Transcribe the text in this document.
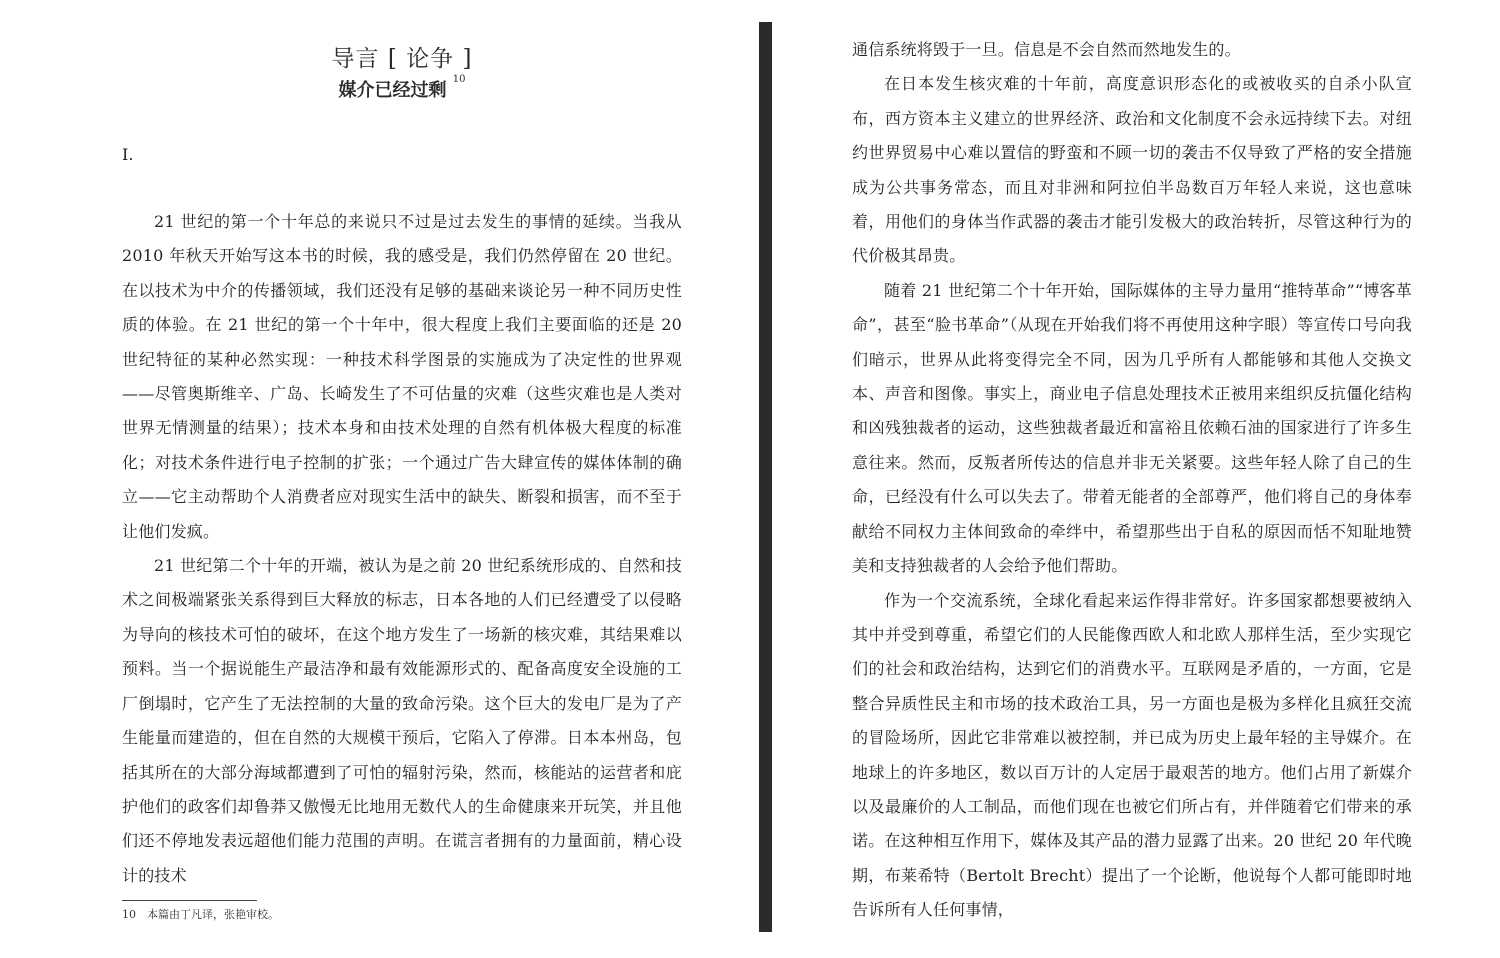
导言 [ 论争 ]
媒介已经过剩 $^{10}$
I.

21 世纪的第一个十年总的来说只不过是过去发生的事情的延续。当我从 2010 年秋天开始写这本书的时候，我的感受是，我们仍然停留在 20 世纪。在以技术为中介的传播领域，我们还没有足够的基础来谈论另一种不同历史性质的体验。在 21 世纪的第一个十年中，很大程度上我们主要面临的还是 20 世纪特征的某种必然实现：一种技术科学图景的实施成为了决定性的世界观——尽管奥斯维辛、广岛、长崎发生了不可估量的灾难（这些灾难也是人类对世界无情测量的结果）；技术本身和由技术处理的自然有机体极大程度的标准化；对技术条件进行电子控制的扩张；一个通过广告大肆宣传的媒体体制的确立——它主动帮助个人消费者应对现实生活中的缺失、断裂和损害，而不至于让他们发疯。

21 世纪第二个十年的开端，被认为是之前 20 世纪系统形成的、自然和技术之间极端紧张关系得到巨大释放的标志，日本各地的人们已经遭受了以侵略为导向的核技术可怕的破坏，在这个地方发生了一场新的核灾难，其结果难以预料。当一个据说能生产最洁净和最有效能源形式的、配备高度安全设施的工厂倒塌时，它产生了无法控制的大量的致命污染。这个巨大的发电厂是为了产生能量而建造的，但在自然的大规模干预后，它陷入了停滞。日本本州岛，包括其所在的大部分海域都遭到了可怕的辐射污染，然而，核能站的运营者和庇护他们的政客们却鲁莽又傲慢无比地用无数代人的生命健康来开玩笑，并且他们还不停地发表远超他们能力范围的声明。在谎言者拥有的力量面前，精心设计的技术

10　本篇由丁凡译，张艳审校。

通信系统将毁于一旦。信息是不会自然而然地发生的。

在日本发生核灾难的十年前，高度意识形态化的或被收买的自杀小队宣布，西方资本主义建立的世界经济、政治和文化制度不会永远持续下去。对纽约世界贸易中心难以置信的野蛮和不顾一切的袭击不仅导致了严格的安全措施成为公共事务常态，而且对非洲和阿拉伯半岛数百万年轻人来说，这也意味着，用他们的身体当作武器的袭击才能引发极大的政治转折，尽管这种行为的代价极其昂贵。

随着 21 世纪第二个十年开始，国际媒体的主导力量用“推特革命”“博客革命”，甚至“脸书革命”（从现在开始我们将不再使用这种字眼）等宣传口号向我们暗示，世界从此将变得完全不同，因为几乎所有人都能够和其他人交换文本、声音和图像。事实上，商业电子信息处理技术正被用来组织反抗僵化结构和凶残独裁者的运动，这些独裁者最近和富裕且依赖石油的国家进行了许多生意往来。然而，反叛者所传达的信息并非无关紧要。这些年轻人除了自己的生命，已经没有什么可以失去了。带着无能者的全部尊严，他们将自己的身体奉献给不同权力主体间致命的牵绊中，希望那些出于自私的原因而恬不知耻地赞美和支持独裁者的人会给予他们帮助。

作为一个交流系统，全球化看起来运作得非常好。许多国家都想要被纳入其中并受到尊重，希望它们的人民能像西欧人和北欧人那样生活，至少实现它们的社会和政治结构，达到它们的消费水平。互联网是矛盾的，一方面，它是整合异质性民主和市场的技术政治工具，另一方面也是极为多样化且疯狂交流的冒险场所，因此它非常难以被控制，并已成为历史上最年轻的主导媒介。在地球上的许多地区，数以百万计的人定居于最艰苦的地方。他们占用了新媒介以及最廉价的人工制品，而他们现在也被它们所占有，并伴随着它们带来的承诺。在这种相互作用下，媒体及其产品的潜力显露了出来。20 世纪 20 年代晚期，布莱希特（Bertolt Brecht）提出了一个论断，他说每个人都可能即时地告诉所有人任何事情，
